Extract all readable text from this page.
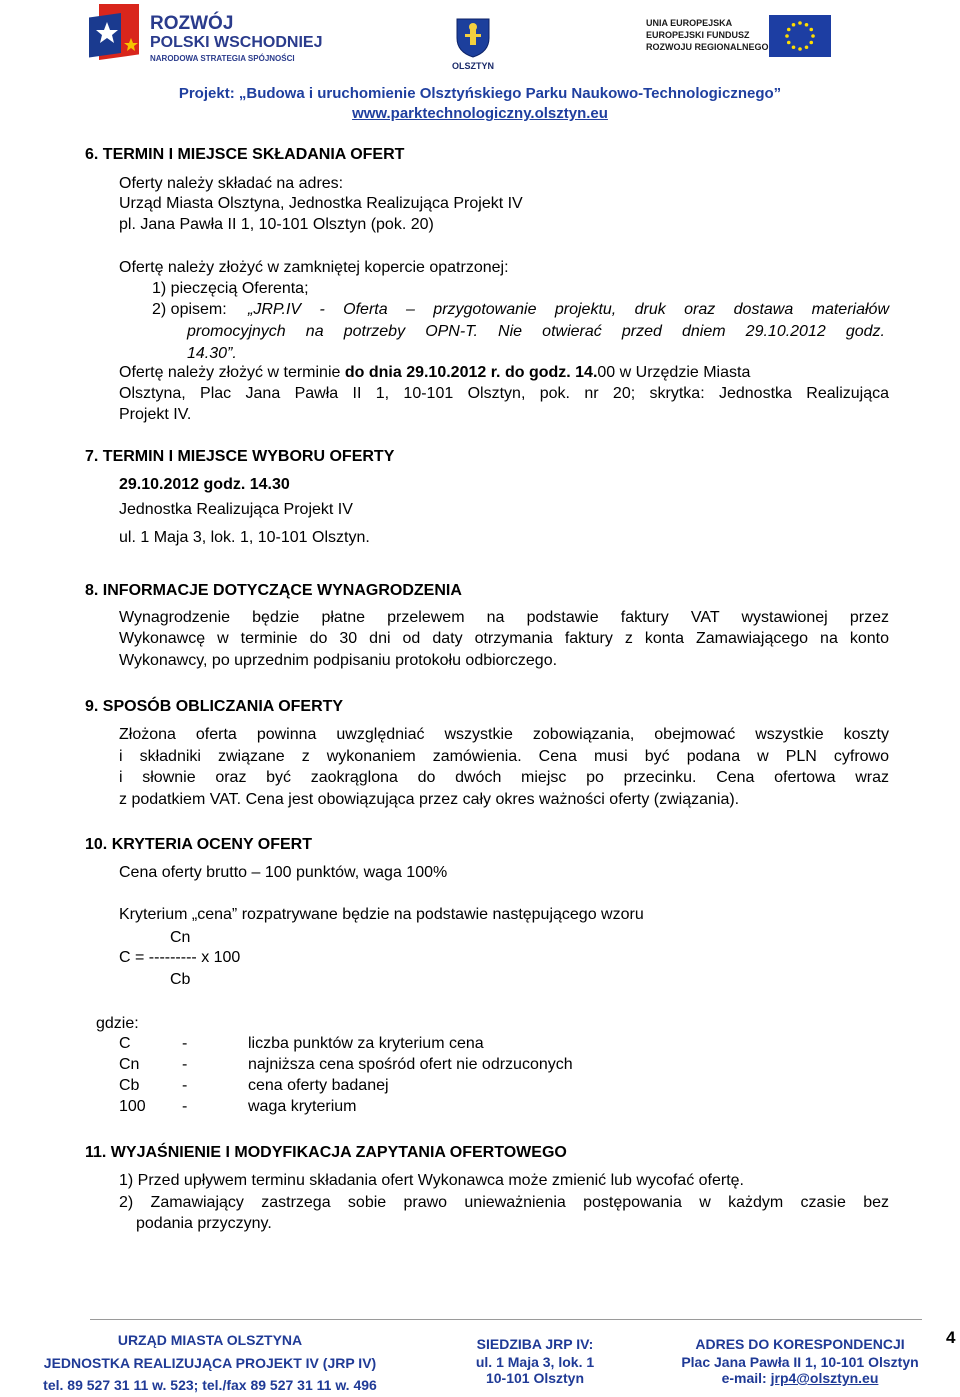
ROZWÓJ
POLSKI WSCHODNIEJ
NARODOWA STRATEGIA SPÓJNOŚCI
OLSZTYN
UNIA EUROPEJSKA
EUROPEJSKI FUNDUSZ
ROZWOJU REGIONALNEGO
Projekt: „Budowa i uruchomienie Olsztyńskiego Parku Naukowo-Technologicznego”
www.parktechnologiczny.olsztyn.eu
6. TERMIN I MIEJSCE SKŁADANIA OFERT
Oferty należy składać na adres:
Urząd Miasta Olsztyna, Jednostka Realizująca Projekt IV
pl. Jana Pawła II 1, 10-101 Olsztyn (pok. 20)
Ofertę należy złożyć w zamkniętej kopercie opatrzonej:
1) pieczęcią Oferenta;
2) opisem: „JRP.IV - Oferta – przygotowanie projektu, druk oraz dostawa materiałów
promocyjnych na potrzeby OPN-T. Nie otwierać przed dniem 29.10.2012 godz.
14.30”.
Ofertę należy złożyć w terminie do dnia 29.10.2012 r. do godz. 14.00 w Urzędzie Miasta
Olsztyna, Plac Jana Pawła II 1, 10-101 Olsztyn, pok. nr 20; skrytka: Jednostka Realizująca
Projekt IV.
7. TERMIN I MIEJSCE WYBORU OFERTY
29.10.2012 godz. 14.30
Jednostka Realizująca Projekt IV
ul. 1 Maja 3, lok. 1, 10-101 Olsztyn.
8. INFORMACJE DOTYCZĄCE WYNAGRODZENIA
Wynagrodzenie będzie płatne przelewem na podstawie faktury VAT wystawionej przez
Wykonawcę w terminie do 30 dni od daty otrzymania faktury z konta Zamawiającego na konto
Wykonawcy, po uprzednim podpisaniu protokołu odbiorczego.
9. SPOSÓB OBLICZANIA OFERTY
Złożona oferta powinna uwzględniać wszystkie zobowiązania, obejmować wszystkie koszty
i składniki związane z wykonaniem zamówienia. Cena musi być podana w PLN cyfrowo
i słownie oraz być zaokrąglona do dwóch miejsc po przecinku. Cena ofertowa wraz
z podatkiem VAT. Cena jest obowiązująca przez cały okres ważności oferty (związania).
10. KRYTERIA OCENY OFERT
Cena oferty brutto – 100 punktów, waga 100%
Kryterium „cena” rozpatrywane będzie na podstawie następującego wzoru
Cn
C = --------- x 100
Cb
gdzie:
C	-	liczba punktów za kryterium cena
Cn	-	najniższa cena spośród ofert nie odrzuconych
Cb	-	cena oferty badanej
100 -	waga kryterium
11. WYJAŚNIENIE I MODYFIKACJA ZAPYTANIA OFERTOWEGO
1) Przed upływem terminu składania ofert Wykonawca może zmienić lub wycofać ofertę.
2) Zamawiający zastrzega sobie prawo unieważnienia postępowania w każdym czasie bez
podania przyczyny.
URZĄD MIASTA OLSZTYNA
JEDNOSTKA REALIZUJĄCA PROJEKT IV (JRP IV)
tel. 89 527 31 11 w. 523; tel./fax 89 527 31 11 w. 496
SIEDZIBA JRP IV:
ul. 1 Maja 3, lok. 1
10-101 Olsztyn
ADRES DO KORESPONDENCJI
Plac Jana Pawła II 1, 10-101 Olsztyn
e-mail: jrp4@olsztyn.eu
4
